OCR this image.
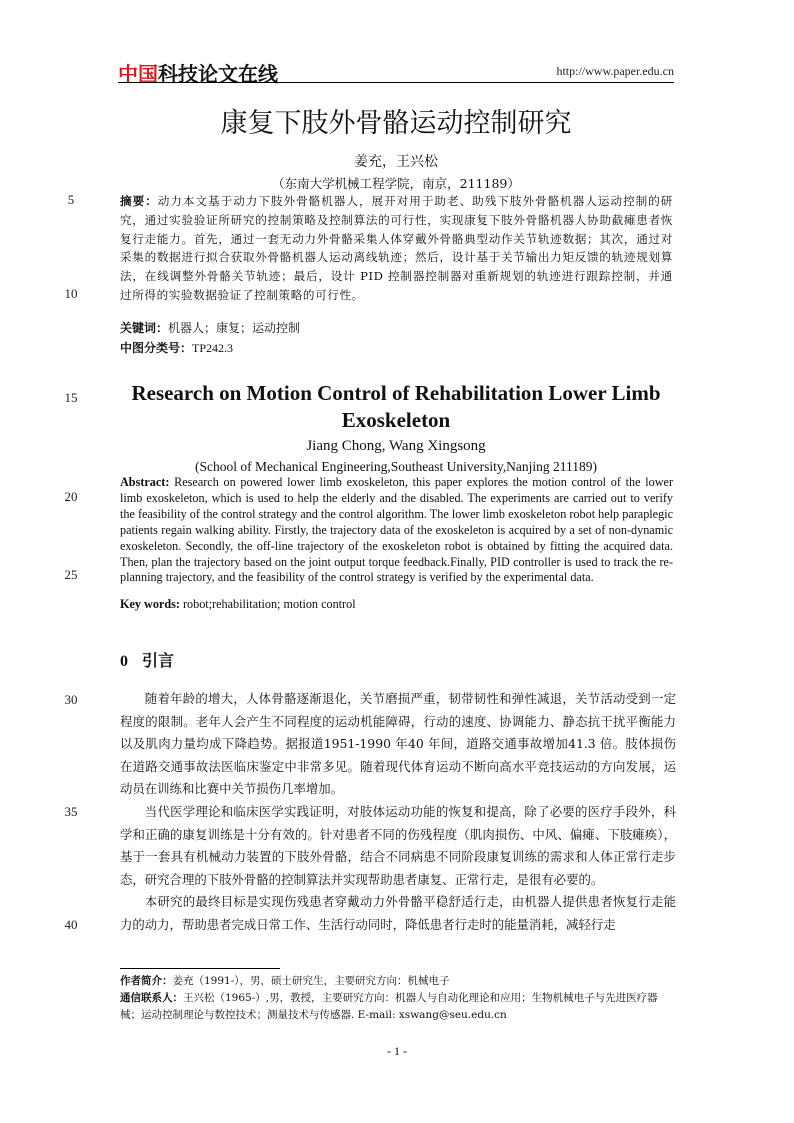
中国科技论文在线	http://www.paper.edu.cn
康复下肢外骨骼运动控制研究
姜充，王兴松
（东南大学机械工程学院，南京，211189）
5
10
15
20
25
30
35
40
摘要：动力本文基于动力下肢外骨骼机器人，展开对用于助老、助残下肢外骨骼机器人运动控制的研究，通过实验验证所研究的控制策略及控制算法的可行性，实现康复下肢外骨骼机器人协助截瘫患者恢复行走能力。首先，通过一套无动力外骨骼采集人体穿戴外骨骼典型动作关节轨迹数据；其次，通过对采集的数据进行拟合获取外骨骼机器人运动离线轨迹；然后，设计基于关节输出力矩反馈的轨迹规划算法，在线调整外骨骼关节轨迹；最后，设计 PID 控制器控制器对重新规划的轨迹进行跟踪控制，并通过所得的实验数据验证了控制策略的可行性。
关键词：机器人；康复；运动控制
中图分类号：TP242.3
Research on Motion Control of Rehabilitation Lower Limb Exoskeleton
Jiang Chong, Wang Xingsong
(School of Mechanical Engineering,Southeast University,Nanjing 211189)
Abstract: Research on powered lower limb exoskeleton, this paper explores the motion control of the lower limb exoskeleton, which is used to help the elderly and the disabled. The experiments are carried out to verify the feasibility of the control strategy and the control algorithm. The lower limb exoskeleton robot help paraplegic patients regain walking ability. Firstly, the trajectory data of the exoskeleton is acquired by a set of non-dynamic exoskeleton. Secondly, the off-line trajectory of the exoskeleton robot is obtained by fitting the acquired data. Then, plan the trajectory based on the joint output torque feedback.Finally, PID controller is used to track the re-planning trajectory, and the feasibility of the control strategy is verified by the experimental data.
Key words: robot;rehabilitation; motion control
0 引言

随着年龄的增大，人体骨骼逐渐退化，关节磨损严重，韧带韧性和弹性减退，关节活动受到一定程度的限制。老年人会产生不同程度的运动机能障碍，行动的速度、协调能力、静态抗干扰平衡能力以及肌肉力量均成下降趋势。据报道1951-1990 年40 年间，道路交通事故增加41.3 倍。肢体损伤在道路交通事故法医临床鉴定中非常多见。随着现代体育运动不断向高水平竞技运动的方向发展，运动员在训练和比赛中关节损伤几率增加。

当代医学理论和临床医学实践证明，对肢体运动功能的恢复和提高，除了必要的医疗手段外，科学和正确的康复训练是十分有效的。针对患者不同的伤残程度（肌肉损伤、中风、偏瘫、下肢瘫痪），基于一套具有机械动力装置的下肢外骨骼，结合不同病患不同阶段康复训练的需求和人体正常行走步态，研究合理的下肢外骨骼的控制算法并实现帮助患者康复、正常行走，是很有必要的。

本研究的最终目标是实现伤残患者穿戴动力外骨骼平稳舒适行走，由机器人提供患者恢复行走能力的动力，帮助患者完成日常工作、生活行动同时，降低患者行走时的能量消耗，减轻行走

作者简介：姜充（1991-），男，硕士研究生，主要研究方向：机械电子
通信联系人：王兴松（1965-）,男，教授，主要研究方向：机器人与自动化理论和应用；生物机械电子与先进医疗器械；运动控制理论与数控技术；测量技术与传感器. E-mail: xswang@seu.edu.cn
- 1 -
